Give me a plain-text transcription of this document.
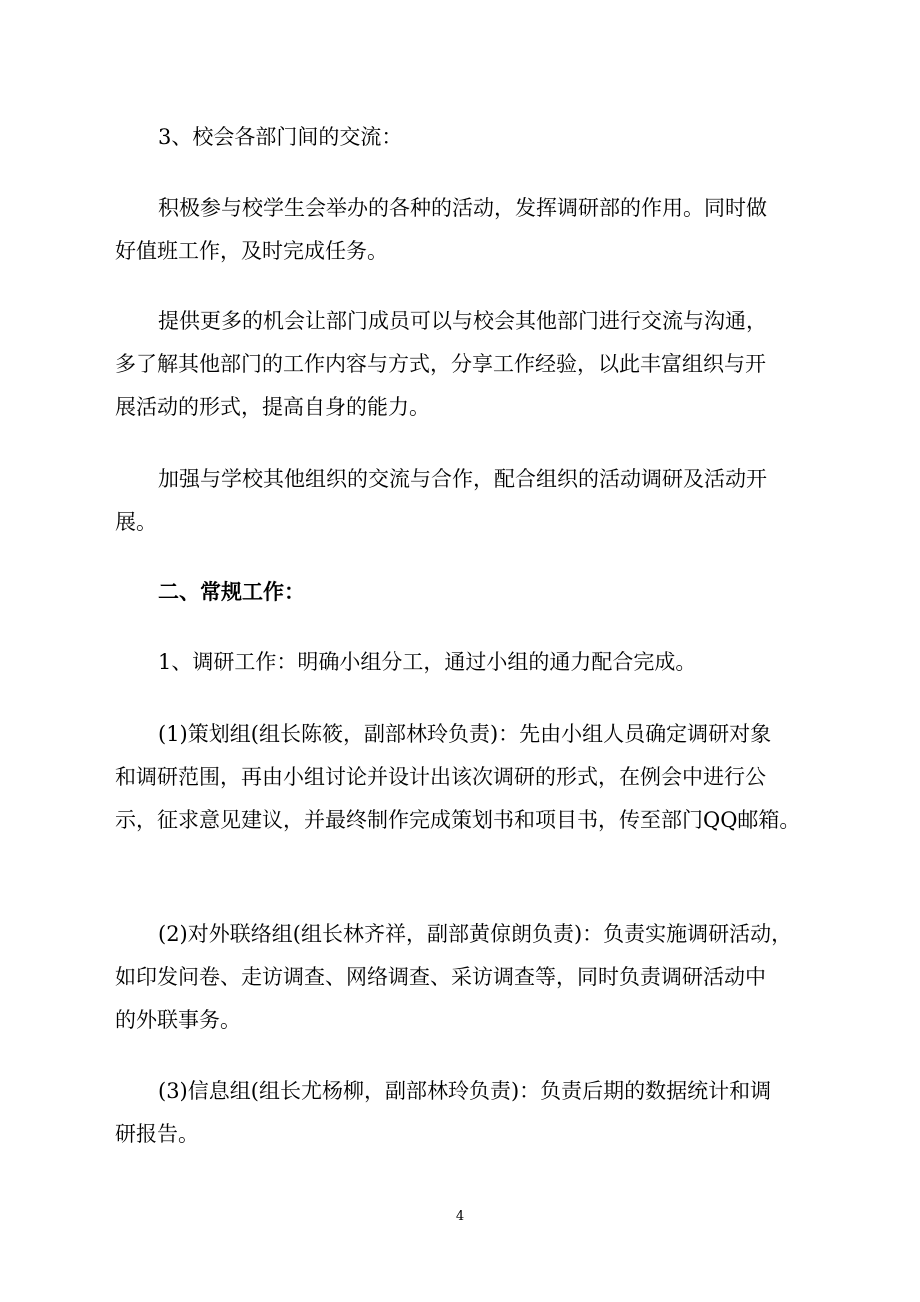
3、校会各部门间的交流：
积极参与校学生会举办的各种的活动，发挥调研部的作用。同时做
好值班工作，及时完成任务。
提供更多的机会让部门成员可以与校会其他部门进行交流与沟通，
多了解其他部门的工作内容与方式，分享工作经验，以此丰富组织与开
展活动的形式，提高自身的能力。
加强与学校其他组织的交流与合作，配合组织的活动调研及活动开
展。
二、常规工作：
1、调研工作：明确小组分工，通过小组的通力配合完成。
(1)策划组(组长陈筱，副部林玲负责)：先由小组人员确定调研对象
和调研范围，再由小组讨论并设计出该次调研的形式，在例会中进行公
示，征求意见建议，并最终制作完成策划书和项目书，传至部门QQ邮箱。
(2)对外联络组(组长林齐祥，副部黄倞朗负责)：负责实施调研活动，
如印发问卷、走访调查、网络调查、采访调查等，同时负责调研活动中
的外联事务。
(3)信息组(组长尤杨柳，副部林玲负责)：负责后期的数据统计和调
研报告。
4
